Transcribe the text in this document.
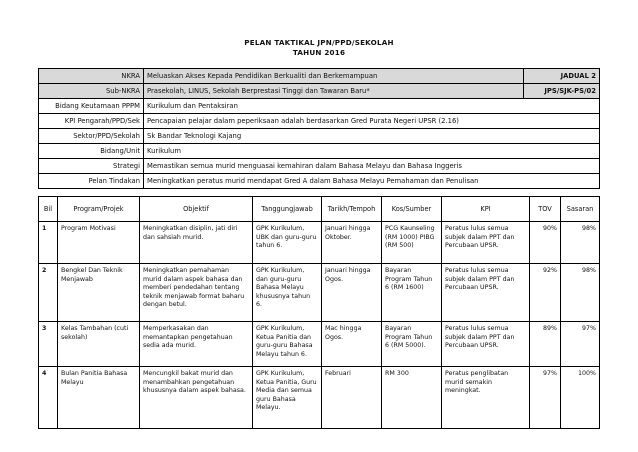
PELAN TAKTIKAL JPN/PPD/SEKOLAH
TAHUN 2016
NKRA	Meluaskan Akses Kepada Pendidikan Berkualiti dan Berkemampuan	JADUAL 2
Sub-NKRA	Prasekolah, LINUS, Sekolah Berprestasi Tinggi dan Tawaran Baru*	JPS/SJK-PS/02
Bidang Keutamaan PPPM	Kurikulum dan Pentaksiran	
KPI Pengarah/PPD/Sek	Pencapaian pelajar dalam peperiksaan adalah berdasarkan Gred Purata Negeri UPSR (2.16)	
Sektor/PPD/Sekolah	Sk Bandar Teknologi Kajang	
Bidang/Unit	Kurikulum	
Strategi	Memastikan semua murid menguasai kemahiran dalam Bahasa Melayu dan Bahasa Inggeris	
Pelan Tindakan	Meningkatkan peratus murid mendapat Gred A dalam Bahasa Melayu Pemahaman dan Penulisan	
Bil	Program/Projek	Objektif	Tanggungjawab	Tarikh/Tempoh	Kos/Sumber	KPI	TOV	Sasaran
1	Program Motivasi	Meningkatkan disiplin, jati diri dan sahsiah murid.	GPK Kurikulum, UBK dan guru-guru tahun 6.	Januari hingga Oktober.	PCG Kaunseling (RM 1000) PIBG (RM 500)	Peratus lulus semua subjek dalam PPT dan Percubaan UPSR.	90%	98%
2	Bengkel Dan Teknik Menjawab	Meningkatkan pemahaman murid dalam aspek bahasa dan memberi pendedahan tentang teknik menjawab format baharu dengan betul.	GPK Kurikulum, dan guru-guru Bahasa Melayu khususnya tahun 6.	Januari hingga Ogos.	Bayaran Program Tahun 6 (RM 1600)	Peratus lulus semua subjek dalam PPT dan Percubaan UPSR.	92%	98%
3	Kelas Tambahan (cuti sekolah)	Memperkasakan dan memantapkan pengetahuan sedia ada murid.	GPK Kurikulum, Ketua Panitia dan guru-guru Bahasa Melayu tahun 6.	Mac hingga Ogos.	Bayaran Program Tahun 6 (RM 5000).	Peratus lulus semua subjek dalam PPT dan Percubaan UPSR.	89%	97%
4	Bulan Panitia Bahasa Melayu	Mencungkil bakat murid dan menambahkan pengetahuan khususnya dalam aspek bahasa.	GPK Kurikulum, Ketua Panitia, Guru Media dan semua guru Bahasa Melayu.	Februari	RM 300	Peratus penglibatan murid semakin meningkat.	97%	100%
